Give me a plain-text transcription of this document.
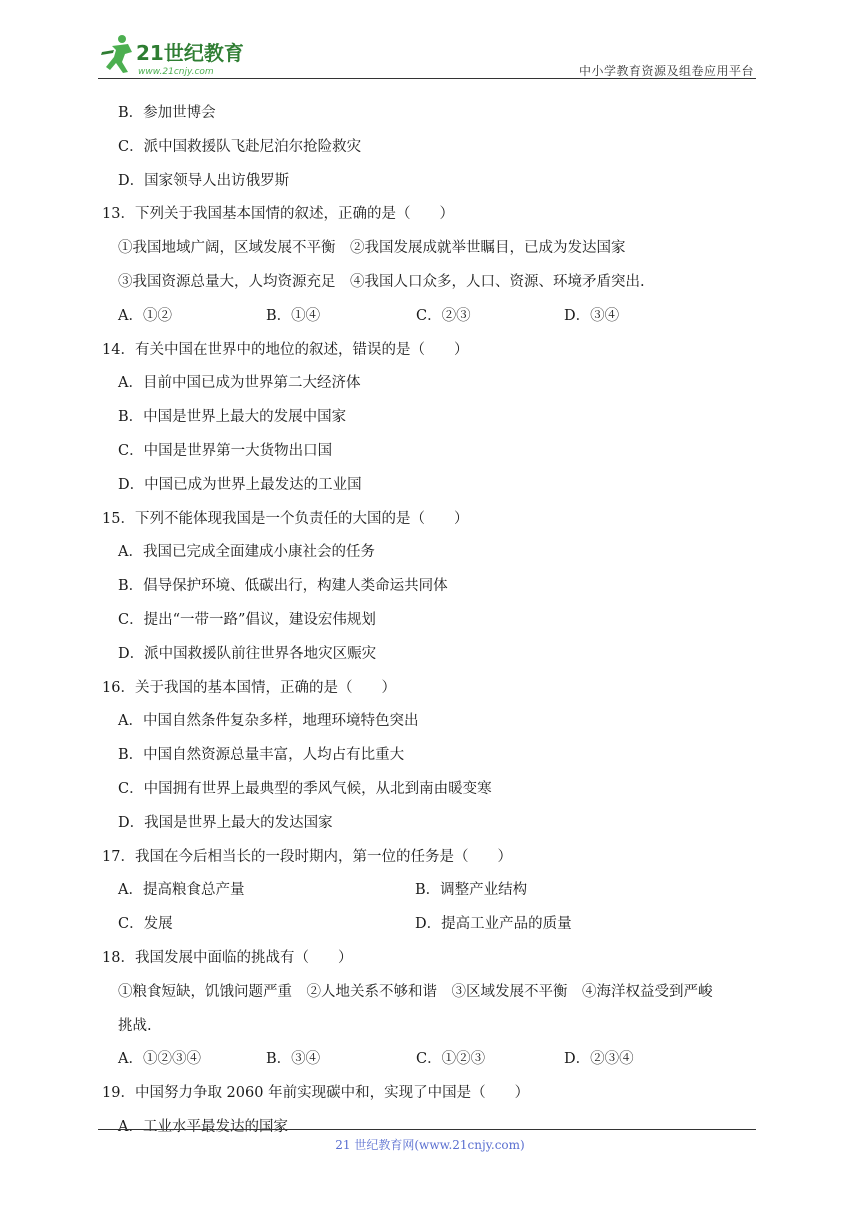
21世纪教育
www.21cnjy.com	中小学教育资源及组卷应用平台
B．参加世博会
C．派中国救援队飞赴尼泊尔抢险救灾
D．国家领导人出访俄罗斯
13．下列关于我国基本国情的叙述，正确的是（　　）
①我国地域广阔，区域发展不平衡　②我国发展成就举世瞩目，已成为发达国家
③我国资源总量大，人均资源充足　④我国人口众多，人口、资源、环境矛盾突出.
A．①②	B．①④	C．②③	D．③④
14．有关中国在世界中的地位的叙述，错误的是（　　）
A．目前中国已成为世界第二大经济体
B．中国是世界上最大的发展中国家
C．中国是世界第一大货物出口国
D．中国已成为世界上最发达的工业国
15．下列不能体现我国是一个负责任的大国的是（　　）
A．我国已完成全面建成小康社会的任务
B．倡导保护环境、低碳出行，构建人类命运共同体
C．提出“一带一路”倡议，建设宏伟规划
D．派中国救援队前往世界各地灾区赈灾
16．关于我国的基本国情，正确的是（　　）
A．中国自然条件复杂多样，地理环境特色突出
B．中国自然资源总量丰富，人均占有比重大
C．中国拥有世界上最典型的季风气候，从北到南由暖变寒
D．我国是世界上最大的发达国家
17．我国在今后相当长的一段时期内，第一位的任务是（　　）
A．提高粮食总产量	B．调整产业结构
C．发展	D．提高工业产品的质量
18．我国发展中面临的挑战有（　　）
①粮食短缺，饥饿问题严重　②人地关系不够和谐　③区域发展不平衡　④海洋权益受到严峻
挑战.
A．①②③④	B．③④	C．①②③	D．②③④
19．中国努力争取 2060 年前实现碳中和，实现了中国是（　　）
A．工业水平最发达的国家
21 世纪教育网(www.21cnjy.com)
